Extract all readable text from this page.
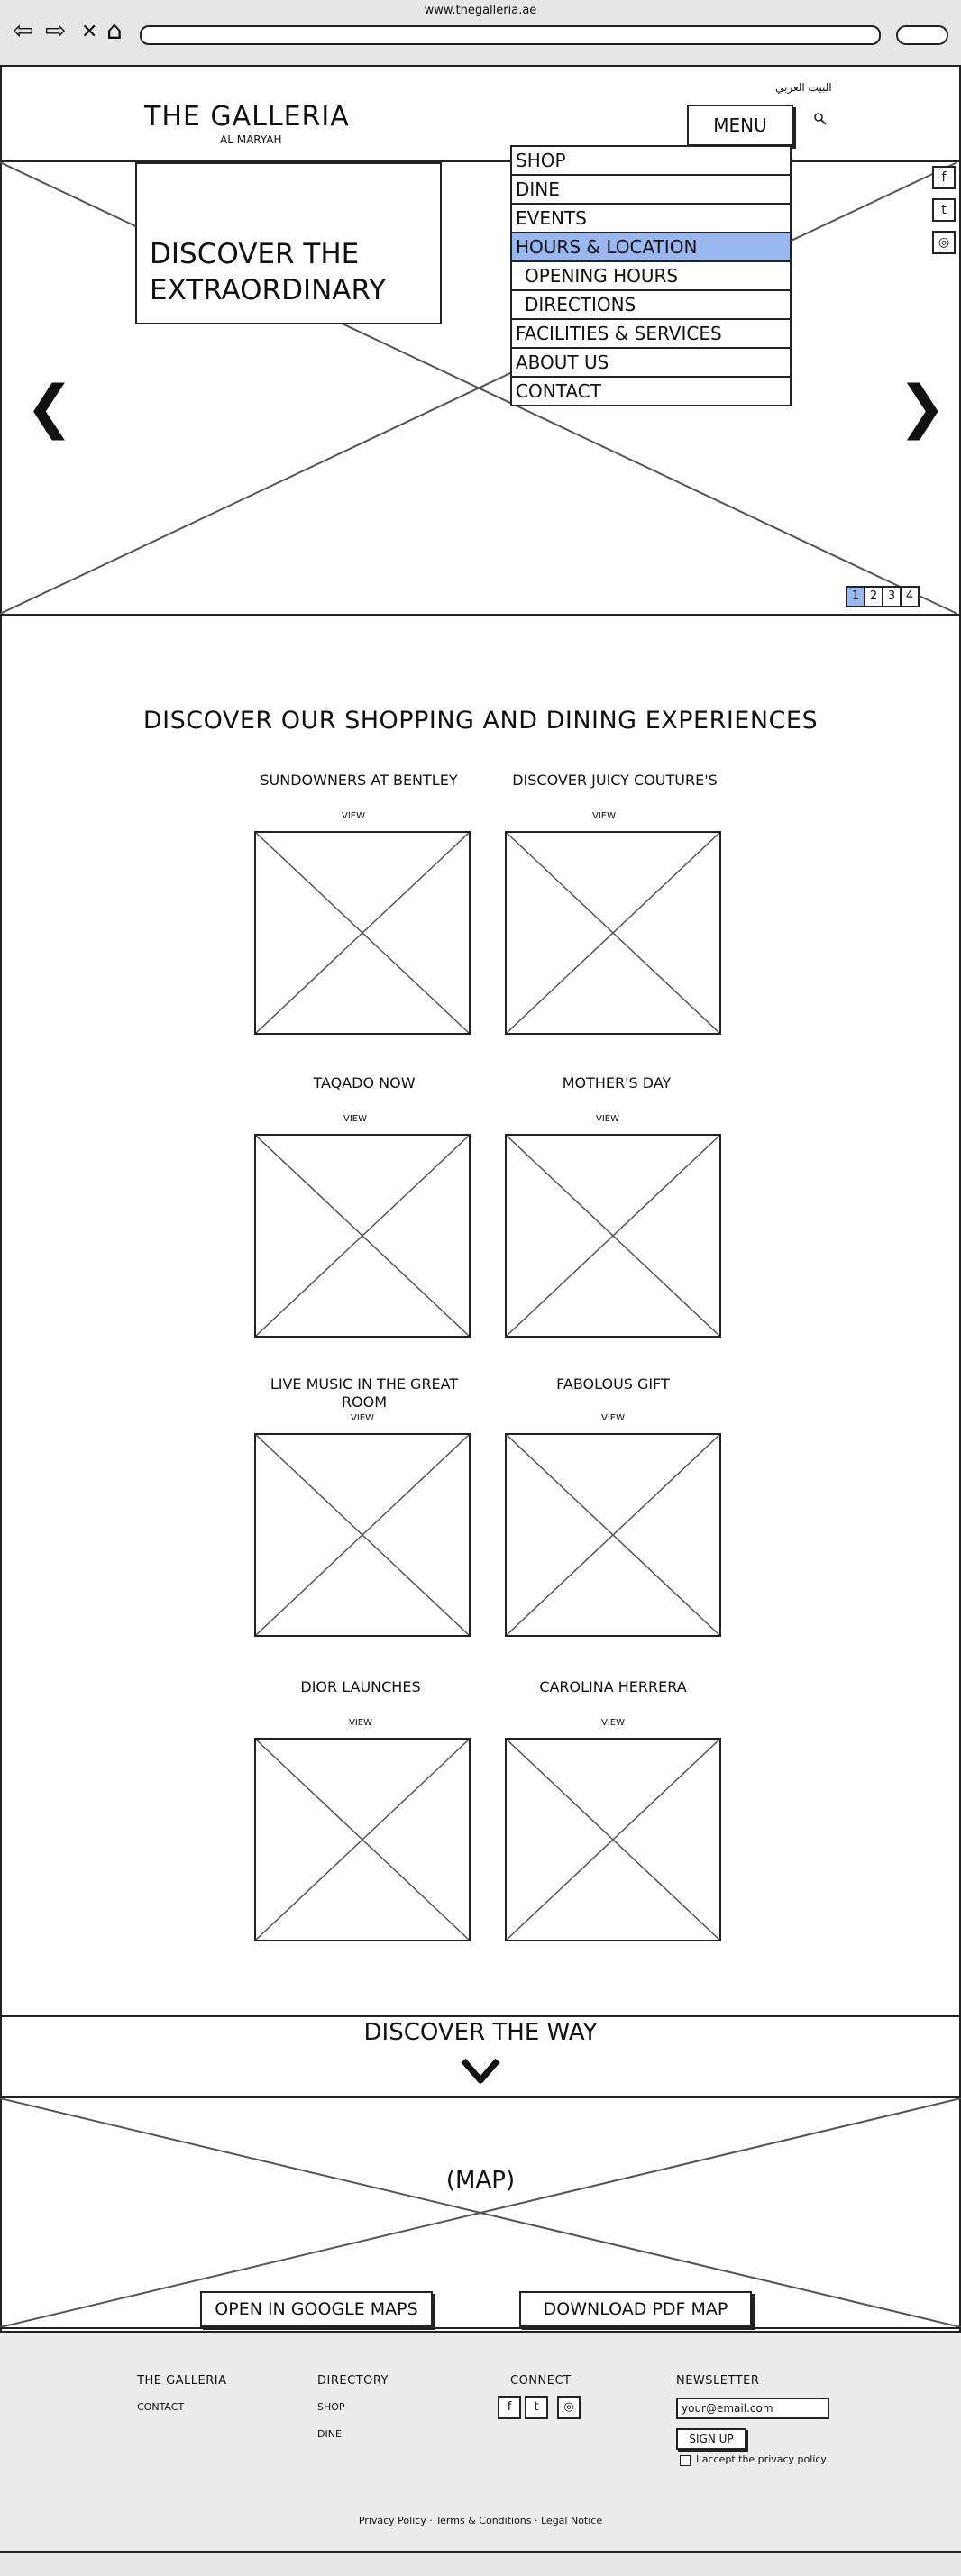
www.thegalleria.ae
⇦ ⇨ ✕ ⌂
THE GALLERIA
AL MARYAH
البيت العربي
MENU
DISCOVER THE EXTRAORDINARY
❮	❯
1 2 3 4
f
t
◎
SHOP
DINE
EVENTS
HOURS & LOCATION
OPENING HOURS
DIRECTIONS
FACILITIES & SERVICES
ABOUT US
CONTACT
DISCOVER OUR SHOPPING AND DINING EXPERIENCES
SUNDOWNERS AT BENTLEY
VIEW
DISCOVER JUICY COUTURE'S
VIEW
TAQADO NOW
VIEW
MOTHER'S DAY
VIEW
LIVE MUSIC IN THE GREAT ROOM
VIEW
FABOLOUS GIFT
VIEW
DIOR LAUNCHES
VIEW
CAROLINA HERRERA
VIEW
DISCOVER THE WAY
(MAP)
OPEN IN GOOGLE MAPS	DOWNLOAD PDF MAP
THE GALLERIA
CONTACT
DIRECTORY
SHOP
DINE
CONNECT
f	t	◎
NEWSLETTER
your@email.com
SIGN UP
I accept the privacy policy
Privacy Policy · Terms & Conditions · Legal Notice
